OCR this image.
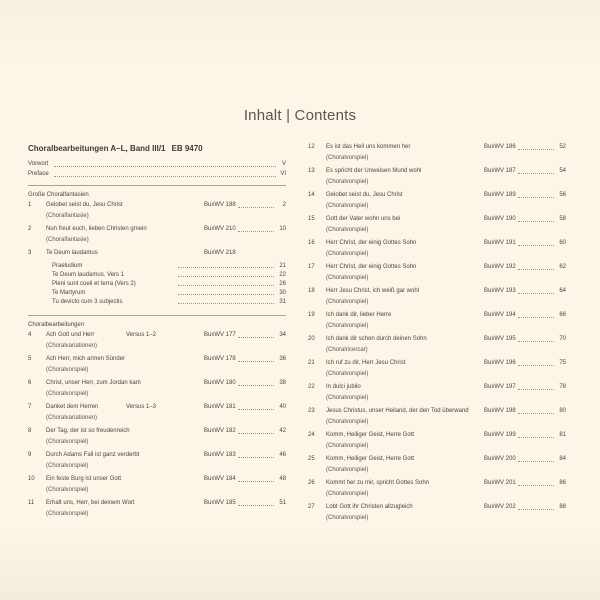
Inhalt | Contents
Choralbearbeitungen A–L, Band III/1 EB 9470
Vorwort	V
Preface	VI
Große Choralfantasien
1	Gelobet seist du, Jesu Christ	BuxWV 188	2
(Choralfantasie)
2	Nun freut euch, lieben Christen gmein	BuxWV 210	10
(Choralfantasie)
3	Te Deum laudamus	BuxWV 218
Praeludium	21
Te Deum laudamus. Vers 1	22
Pleni sunt coeli et terra (Vers 2)	26
Te Martyrum	30
Tu devicto cum 3 subjectis	31
Choralbearbeitungen
4	Ach Gott und Herr	Versus 1–2	BuxWV 177	34
(Choralvariationen)
5	Ach Herr, mich armen Sünder	BuxWV 178	36
(Choralvorspiel)
6	Christ, unser Herr, zum Jordan kam	BuxWV 180	38
(Choralvorspiel)
7	Danket dem Herren	Versus 1–3	BuxWV 181	40
(Choralvariationen)
8	Der Tag, der ist so freudenreich	BuxWV 182	42
(Choralvorspiel)
9	Durch Adams Fall ist ganz verderbt	BuxWV 183	46
(Choralvorspiel)
10	Ein feste Burg ist unser Gott	BuxWV 184	48
(Choralvorspiel)
11	Erhalt uns, Herr, bei deinem Wort	BuxWV 185	51
(Choralvorspiel)
12	Es ist das Heil uns kommen her	BuxWV 186	52
(Choralvorspiel)
13	Es spricht der Unweisen Mund wohl	BuxWV 187	54
(Choralvorspiel)
14	Gelobet seist du, Jesu Christ	BuxWV 189	56
(Choralvorspiel)
15	Gott der Vater wohn uns bei	BuxWV 190	58
(Choralvorspiel)
16	Herr Christ, der einig Gottes Sohn	BuxWV 191	60
(Choralvorspiel)
17	Herr Christ, der einig Gottes Sohn	BuxWV 192	62
(Choralvorspiel)
18	Herr Jesu Christ, ich weiß gar wohl	BuxWV 193	64
(Choralvorspiel)
19	Ich dank dir, lieber Herre	BuxWV 194	66
(Choralvorspiel)
20	Ich dank dir schon durch deinen Sohn	BuxWV 195	70
(Choralricercar)
21	Ich ruf zu dir, Herr Jesu Christ	BuxWV 196	75
(Choralvorspiel)
22	In dulci jubilo	BuxWV 197	78
(Choralvorspiel)
23	Jesus Christus, unser Heiland, der den Tod überwand	BuxWV 198	80
(Choralvorspiel)
24	Komm, Heiliger Geist, Herre Gott	BuxWV 199	81
(Choralvorspiel)
25	Komm, Heiliger Geist, Herre Gott	BuxWV 200	84
(Choralvorspiel)
26	Kommt her zu mir, spricht Gottes Sohn	BuxWV 201	86
(Choralvorspiel)
27	Lobt Gott ihr Christen allzugleich	BuxWV 202	88
(Choralvorspiel)
